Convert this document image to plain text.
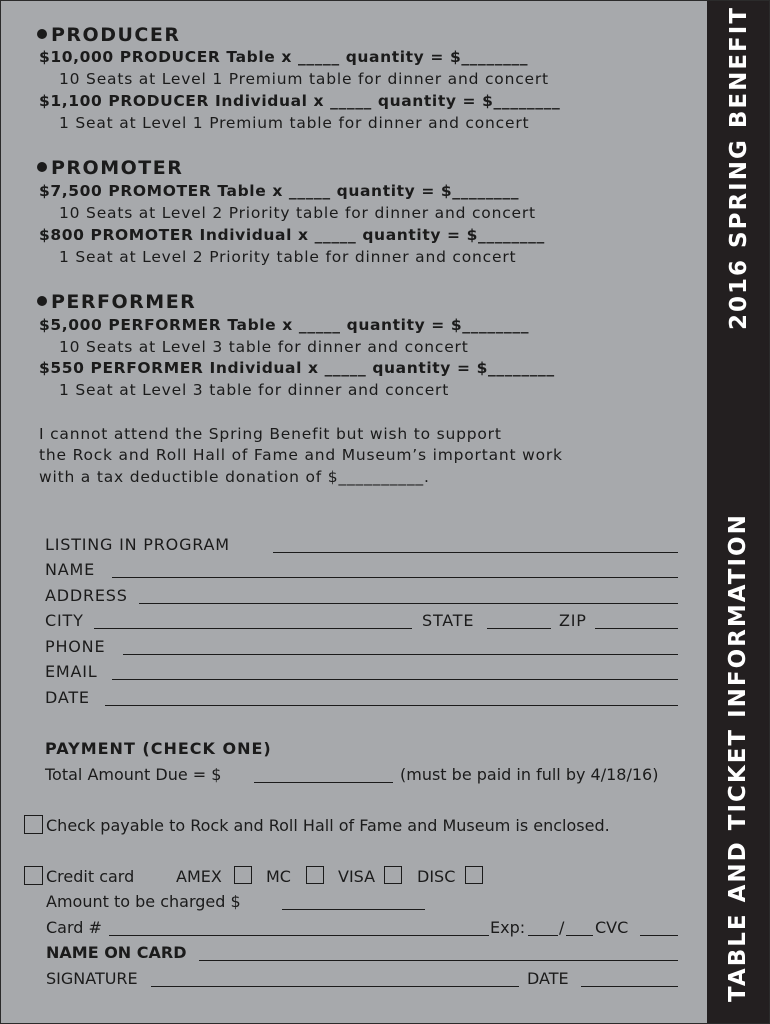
2016 SPRING BENEFIT
TABLE AND TICKET INFORMATION
PRODUCER
$10,000 PRODUCER Table x _____ quantity = $________
10 Seats at Level 1 Premium table for dinner and concert
$1,100 PRODUCER Individual x _____ quantity = $________
1 Seat at Level 1 Premium table for dinner and concert
PROMOTER
$7,500 PROMOTER Table x _____ quantity = $________
10 Seats at Level 2 Priority table for dinner and concert
$800 PROMOTER Individual x _____ quantity = $________
1 Seat at Level 2 Priority table for dinner and concert
PERFORMER
$5,000 PERFORMER Table x _____ quantity = $________
10 Seats at Level 3 table for dinner and concert
$550 PERFORMER Individual x _____ quantity = $________
1 Seat at Level 3 table for dinner and concert
I cannot attend the Spring Benefit but wish to support
the Rock and Roll Hall of Fame and Museum’s important work
with a tax deductible donation of $__________.
LISTING IN PROGRAM
NAME
ADDRESS
CITY	STATE	ZIP
PHONE
EMAIL
DATE
PAYMENT (CHECK ONE)
Total Amount Due = $	(must be paid in full by 4/18/16)
Check payable to Rock and Roll Hall of Fame and Museum is enclosed.
Credit card	AMEX	MC	VISA	DISC
Amount to be charged $
Card #	Exp: / CVC
NAME ON CARD
SIGNATURE	DATE
